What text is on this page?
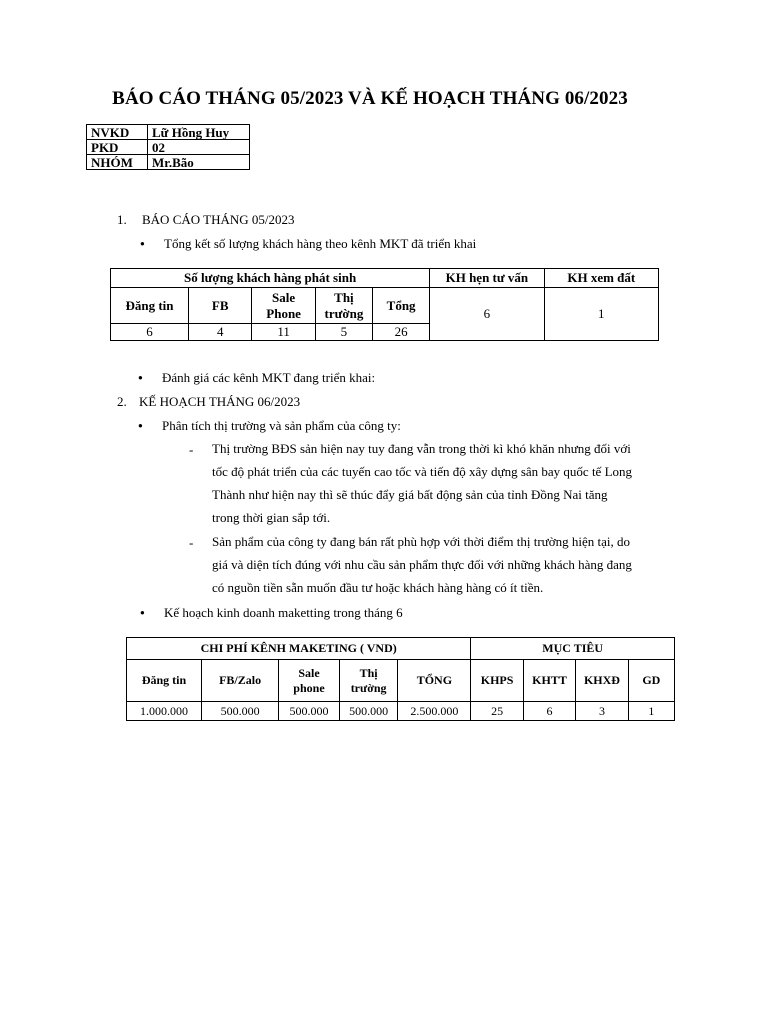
BÁO CÁO THÁNG 05/2023 VÀ KẾ HOẠCH THÁNG 06/2023
NVKD	Lữ Hồng Huy
PKD	02
NHÓM	Mr.Bão
1. BÁO CÁO THÁNG 05/2023
● Tổng kết số lượng khách hàng theo kênh MKT đã triển khai
Số lượng khách hàng phát sinh					KH hẹn tư vấn	KH xem đất
Đăng tin	FB	Sale Phone	Thị trường	Tổng	6	1
6	4	11	5	26		
● Đánh giá các kênh MKT đang triển khai:
2. KẾ HOẠCH THÁNG 06/2023
● Phân tích thị trường và sản phẩm của công ty:
- Thị trường BĐS sản hiện nay tuy đang vẫn trong thời kì khó khăn nhưng đối với
tốc độ phát triển của các tuyến cao tốc và tiến độ xây dựng sân bay quốc tế Long
Thành như hiện nay thì sẽ thúc đẩy giá bất động sản của tỉnh Đồng Nai tăng
trong thời gian sắp tới.
- Sản phẩm của công ty đang bán rất phù hợp với thời điểm thị trường hiện tại, do
giá và diện tích đúng với nhu cầu sản phẩm thực đối với những khách hàng đang
có nguồn tiền sẵn muốn đầu tư hoặc khách hàng hàng có ít tiền.
● Kế hoạch kinh doanh maketting trong tháng 6
CHI PHÍ KÊNH MAKETING ( VND)					MỤC TIÊU			
Đăng tin	FB/Zalo	Sale phone	Thị trường	TỔNG	KHPS	KHTT	KHXĐ	GD
1.000.000	500.000	500.000	500.000	2.500.000	25	6	3	1
